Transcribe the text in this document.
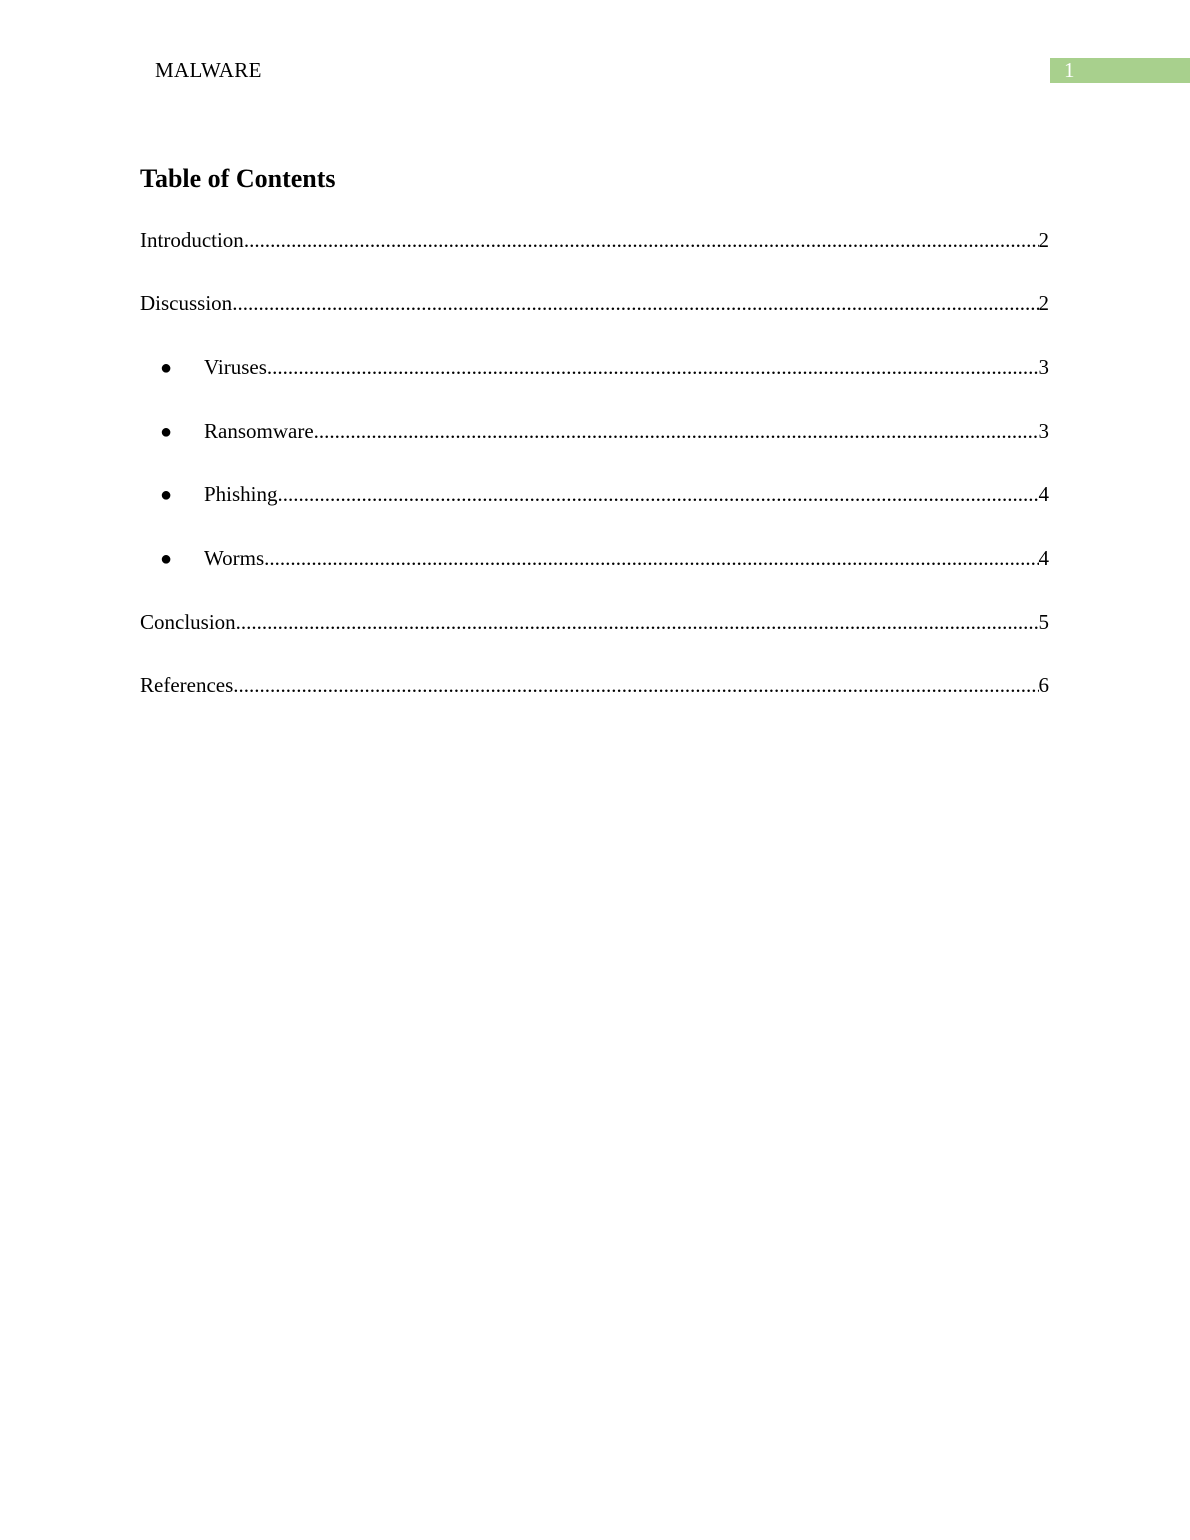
MALWARE	1
Table of Contents
Introduction .....	2
Discussion .....	2
●	Viruses .....	3
●	Ransomware .....	3
●	Phishing .....	4
●	Worms .....	4
Conclusion .....	5
References .....	6
